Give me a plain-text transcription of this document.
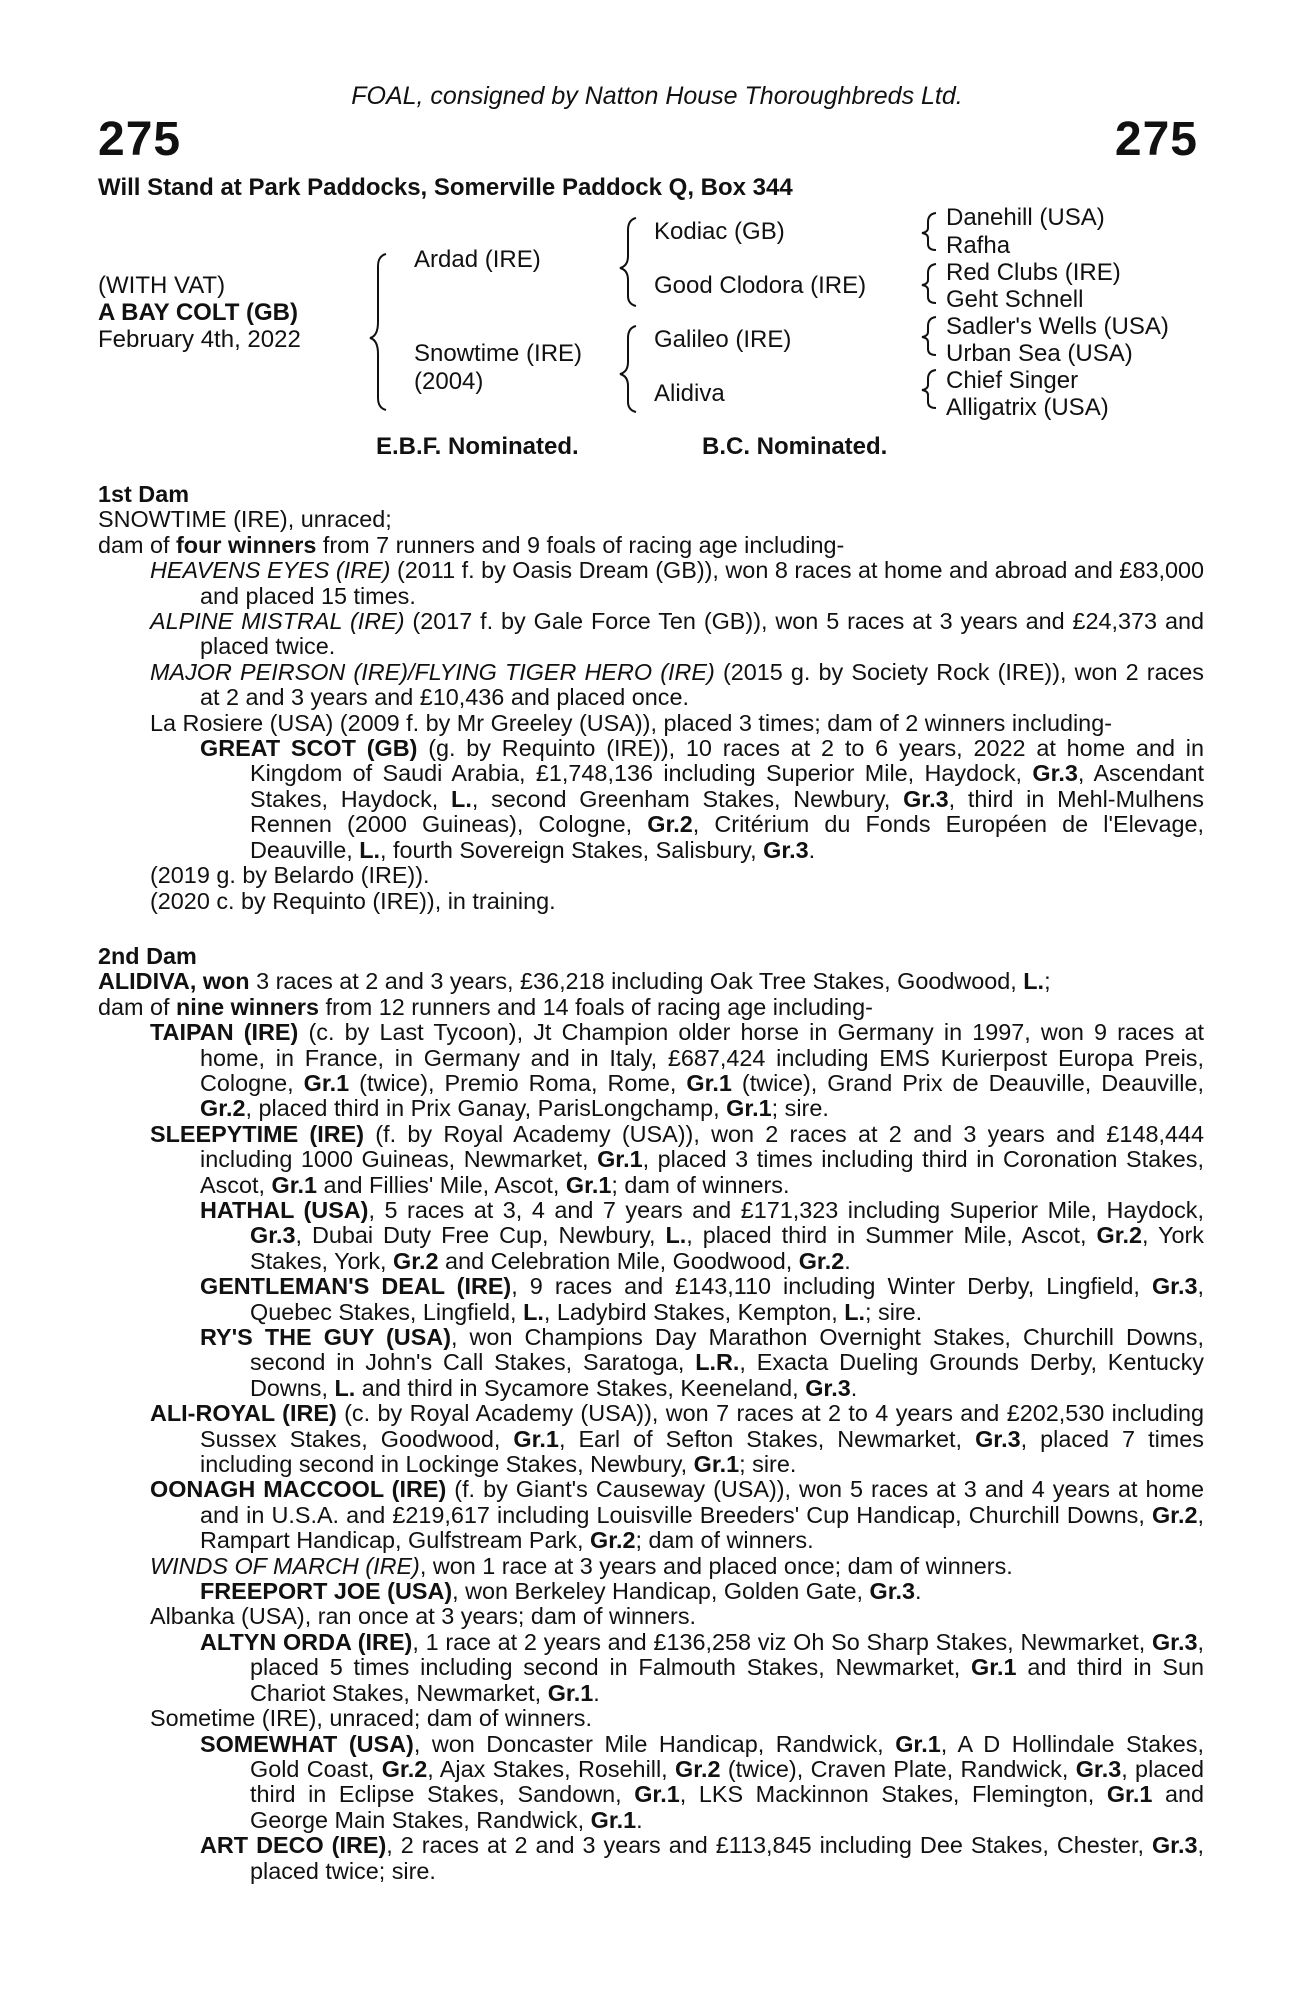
FOAL, consigned by Natton House Thoroughbreds Ltd.
275	275
Will Stand at Park Paddocks, Somerville Paddock Q, Box 344
(WITH VAT)
A BAY COLT (GB)
February 4th, 2022
Ardad (IRE)
Snowtime (IRE)
(2004)
Kodiac (GB)
Good Clodora (IRE)
Galileo (IRE)
Alidiva
Danehill (USA)
Rafha
Red Clubs (IRE)
Geht Schnell
Sadler's Wells (USA)
Urban Sea (USA)
Chief Singer
Alligatrix (USA)
E.B.F. Nominated.	B.C. Nominated.
1st Dam
SNOWTIME (IRE), unraced;
dam of four winners from 7 runners and 9 foals of racing age including-
HEAVENS EYES (IRE) (2011 f. by Oasis Dream (GB)), won 8 races at home and abroad and £83,000 and placed 15 times.
ALPINE MISTRAL (IRE) (2017 f. by Gale Force Ten (GB)), won 5 races at 3 years and £24,373 and placed twice.
MAJOR PEIRSON (IRE)/FLYING TIGER HERO (IRE) (2015 g. by Society Rock (IRE)), won 2 races at 2 and 3 years and £10,436 and placed once.
La Rosiere (USA) (2009 f. by Mr Greeley (USA)), placed 3 times; dam of 2 winners including-
GREAT SCOT (GB) (g. by Requinto (IRE)), 10 races at 2 to 6 years, 2022 at home and in Kingdom of Saudi Arabia, £1,748,136 including Superior Mile, Haydock, Gr.3, Ascendant Stakes, Haydock, L., second Greenham Stakes, Newbury, Gr.3, third in Mehl-Mulhens Rennen (2000 Guineas), Cologne, Gr.2, Critérium du Fonds Européen de l'Elevage, Deauville, L., fourth Sovereign Stakes, Salisbury, Gr.3.
(2019 g. by Belardo (IRE)).
(2020 c. by Requinto (IRE)), in training.
2nd Dam
ALIDIVA, won 3 races at 2 and 3 years, £36,218 including Oak Tree Stakes, Goodwood, L.;
dam of nine winners from 12 runners and 14 foals of racing age including-
TAIPAN (IRE) (c. by Last Tycoon), Jt Champion older horse in Germany in 1997, won 9 races at home, in France, in Germany and in Italy, £687,424 including EMS Kurierpost Europa Preis, Cologne, Gr.1 (twice), Premio Roma, Rome, Gr.1 (twice), Grand Prix de Deauville, Deauville, Gr.2, placed third in Prix Ganay, ParisLongchamp, Gr.1; sire.
SLEEPYTIME (IRE) (f. by Royal Academy (USA)), won 2 races at 2 and 3 years and £148,444 including 1000 Guineas, Newmarket, Gr.1, placed 3 times including third in Coronation Stakes, Ascot, Gr.1 and Fillies' Mile, Ascot, Gr.1; dam of winners.
HATHAL (USA), 5 races at 3, 4 and 7 years and £171,323 including Superior Mile, Haydock, Gr.3, Dubai Duty Free Cup, Newbury, L., placed third in Summer Mile, Ascot, Gr.2, York Stakes, York, Gr.2 and Celebration Mile, Goodwood, Gr.2.
GENTLEMAN'S DEAL (IRE), 9 races and £143,110 including Winter Derby, Lingfield, Gr.3, Quebec Stakes, Lingfield, L., Ladybird Stakes, Kempton, L.; sire.
RY'S THE GUY (USA), won Champions Day Marathon Overnight Stakes, Churchill Downs, second in John's Call Stakes, Saratoga, L.R., Exacta Dueling Grounds Derby, Kentucky Downs, L. and third in Sycamore Stakes, Keeneland, Gr.3.
ALI-ROYAL (IRE) (c. by Royal Academy (USA)), won 7 races at 2 to 4 years and £202,530 including Sussex Stakes, Goodwood, Gr.1, Earl of Sefton Stakes, Newmarket, Gr.3, placed 7 times including second in Lockinge Stakes, Newbury, Gr.1; sire.
OONAGH MACCOOL (IRE) (f. by Giant's Causeway (USA)), won 5 races at 3 and 4 years at home and in U.S.A. and £219,617 including Louisville Breeders' Cup Handicap, Churchill Downs, Gr.2, Rampart Handicap, Gulfstream Park, Gr.2; dam of winners.
WINDS OF MARCH (IRE), won 1 race at 3 years and placed once; dam of winners.
FREEPORT JOE (USA), won Berkeley Handicap, Golden Gate, Gr.3.
Albanka (USA), ran once at 3 years; dam of winners.
ALTYN ORDA (IRE), 1 race at 2 years and £136,258 viz Oh So Sharp Stakes, Newmarket, Gr.3, placed 5 times including second in Falmouth Stakes, Newmarket, Gr.1 and third in Sun Chariot Stakes, Newmarket, Gr.1.
Sometime (IRE), unraced; dam of winners.
SOMEWHAT (USA), won Doncaster Mile Handicap, Randwick, Gr.1, A D Hollindale Stakes, Gold Coast, Gr.2, Ajax Stakes, Rosehill, Gr.2 (twice), Craven Plate, Randwick, Gr.3, placed third in Eclipse Stakes, Sandown, Gr.1, LKS Mackinnon Stakes, Flemington, Gr.1 and George Main Stakes, Randwick, Gr.1.
ART DECO (IRE), 2 races at 2 and 3 years and £113,845 including Dee Stakes, Chester, Gr.3, placed twice; sire.
